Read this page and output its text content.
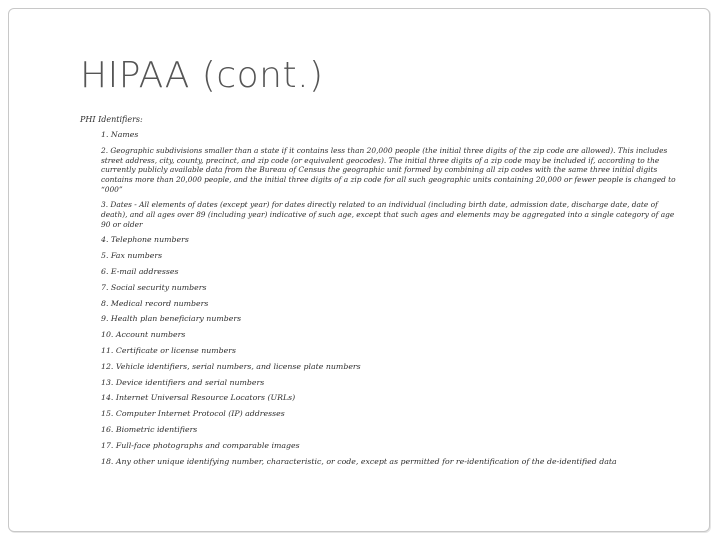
HIPAA (cont.)
PHI Identifiers:
1. Names
2. Geographic subdivisions smaller than a state if it contains less than 20,000 people (the initial three digits of the zip code are allowed). This includes street address, city, county, precinct, and zip code (or equivalent geocodes). The initial three digits of a zip code may be included if, according to the currently publicly available data from the Bureau of Census the geographic unit formed by combining all zip codes with the same three initial digits contains more than 20,000 people, and the initial three digits of a zip code for all such geographic units containing 20,000 or fewer people is changed to “000”
3. Dates - All elements of dates (except year) for dates directly related to an individual (including birth date, admission date, discharge date, date of death), and all ages over 89 (including year) indicative of such age, except that such ages and elements may be aggregated into a single category of age 90 or older
4. Telephone numbers
5. Fax numbers
6. E-mail addresses
7. Social security numbers
8. Medical record numbers
9. Health plan beneficiary numbers
10. Account numbers
11. Certificate or license numbers
12. Vehicle identifiers, serial numbers, and license plate numbers
13. Device identifiers and serial numbers
14. Internet Universal Resource Locators (URLs)
15. Computer Internet Protocol (IP) addresses
16. Biometric identifiers
17. Full-face photographs and comparable images
18. Any other unique identifying number, characteristic, or code, except as permitted for re-identification of the de-identified data
